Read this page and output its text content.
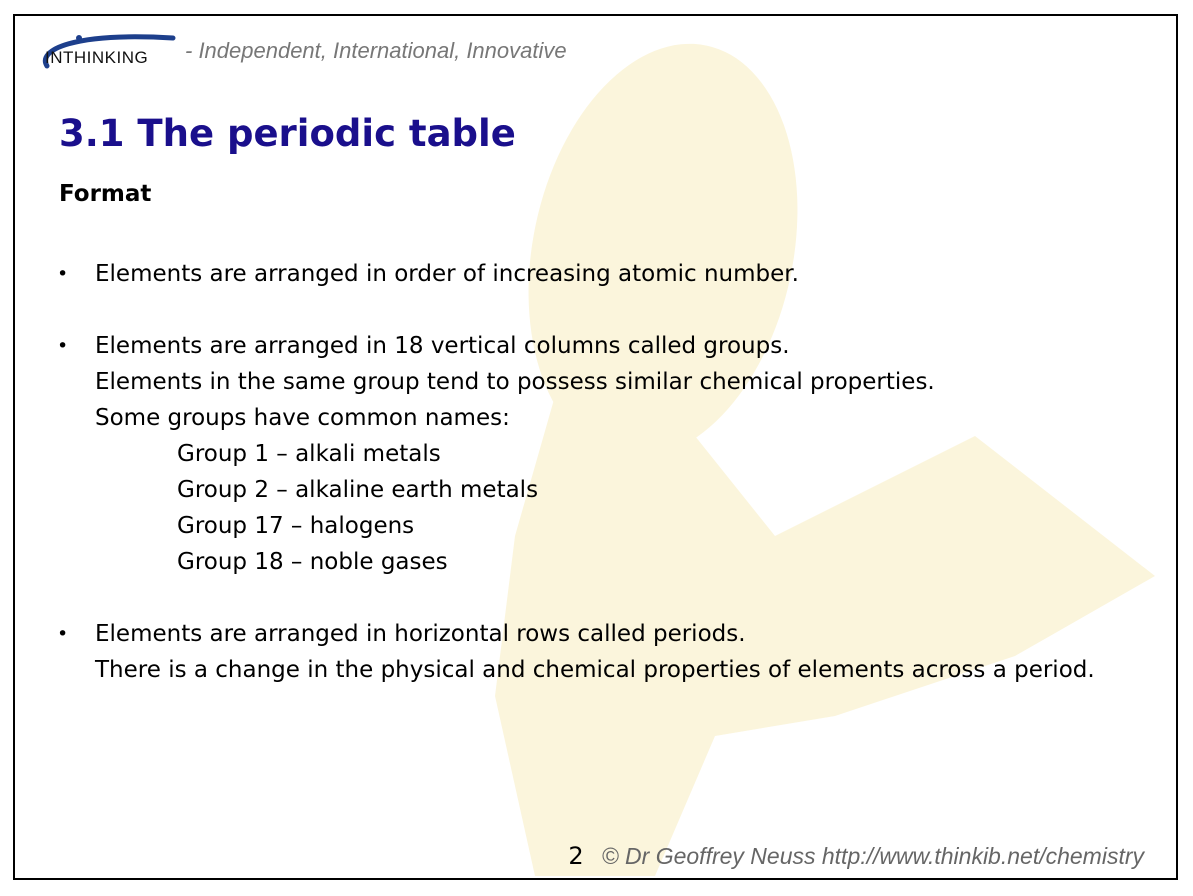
INTHINKING - Independent, International, Innovative
3.1 The periodic table
Format
• Elements are arranged in order of increasing atomic number.
• Elements are arranged in 18 vertical columns called groups.
Elements in the same group tend to possess similar chemical properties.
Some groups have common names:
Group 1 – alkali metals
Group 2 – alkaline earth metals
Group 17 – halogens
Group 18 – noble gases
• Elements are arranged in horizontal rows called periods.
There is a change in the physical and chemical properties of elements across a period.
2 © Dr Geoffrey Neuss http://www.thinkib.net/chemistry
